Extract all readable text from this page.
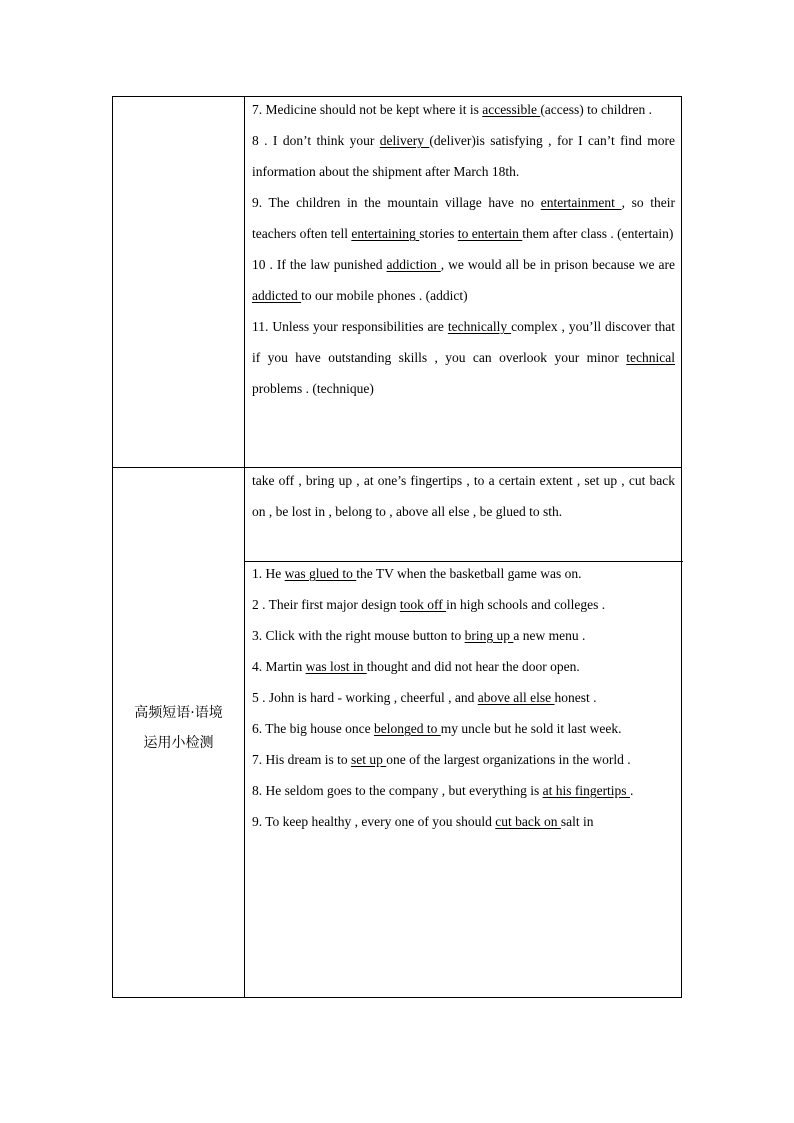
高频短语·语境
运用小检测

7. Medicine should not be kept where it is accessible (access) to children .

8 . I don’t think your delivery (deliver)is satisfying , for I can’t find more information about the shipment after March 18th.

9. The children in the mountain village have no entertainment , so their teachers often tell entertaining stories to entertain them after class . (entertain)

10 . If the law punished addiction , we would all be in prison because we are addicted to our mobile phones . (addict)

11. Unless your responsibilities are technically complex , you’ll discover that if you have outstanding skills , you can overlook your minor technical problems . (technique)

take off , bring up , at one’s fingertips , to a certain extent , set up , cut back on , be lost in , belong to , above all else , be glued to sth.

1. He was glued to the TV when the basketball game was on.

2 . Their first major design took off in high schools and colleges .

3. Click with the right mouse button to bring up a new menu .

4. Martin was lost in thought and did not hear the door open.

5 . John is hard - working , cheerful , and above all else honest .

6. The big house once belonged to my uncle but he sold it last week.

7. His dream is to set up one of the largest organizations in the world .

8. He seldom goes to the company , but everything is at his fingertips .

9. To keep healthy , every one of you should cut back on salt in
